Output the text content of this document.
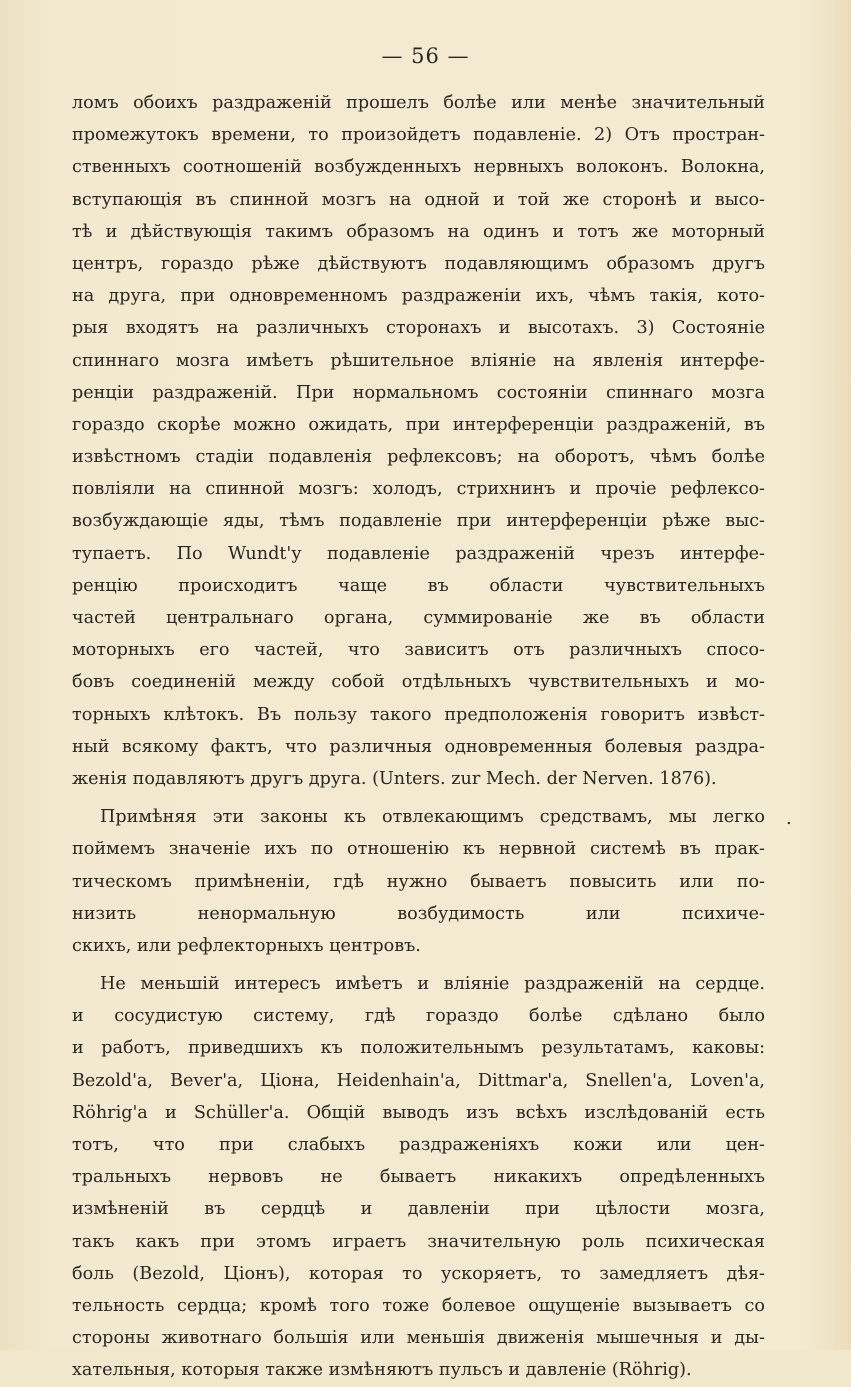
— 56 —
.
ломъ обоихъ раздраженій прошелъ болѣе или менѣе значительный
промежутокъ времени, то произойдетъ подавленіе. 2) Отъ простран-
ственныхъ соотношеній возбужденныхъ нервныхъ волоконъ. Волокна,
вступающія въ спинной мозгъ на одной и той же сторонѣ и высо-
тѣ и дѣйствующія такимъ образомъ на одинъ и тотъ же моторный
центръ, гораздо рѣже дѣйствуютъ подавляющимъ образомъ другъ
на друга, при одновременномъ раздраженіи ихъ, чѣмъ такія, кото-
рыя входятъ на различныхъ сторонахъ и высотахъ. 3) Состояніе
спиннаго мозга имѣетъ рѣшительное вліяніе на явленія интерфе-
ренціи раздраженій. При нормальномъ состояніи спиннаго мозга
гораздо скорѣе можно ожидать, при интерференціи раздраженій, въ
извѣстномъ стадіи подавленія рефлексовъ; на оборотъ, чѣмъ болѣе
повліяли на спинной мозгъ: холодъ, стрихнинъ и прочіе рефлексо-
возбуждающіе яды, тѣмъ подавленіе при интерференціи рѣже выс-
тупаетъ. По Wundt'у подавленіе раздраженій чрезъ интерфе-
ренцію происходитъ чаще въ области чувствительныхъ
частей центральнаго органа, суммированіе же въ области
моторныхъ его частей, что зависитъ отъ различныхъ спосо-
бовъ соединеній между собой отдѣльныхъ чувствительныхъ и мо-
торныхъ клѣтокъ. Въ пользу такого предположенія говоритъ извѣст-
ный всякому фактъ, что различныя одновременныя болевыя раздра-
женія подавляютъ другъ друга. (Unters. zur Mech. der Nerven. 1876).
Примѣняя эти законы къ отвлекающимъ средствамъ, мы легко
поймемъ значеніе ихъ по отношенію къ нервной системѣ въ прак-
тическомъ примѣненіи, гдѣ нужно бываетъ повысить или по-
низить ненормальную возбудимость или психиче-
скихъ, или рефлекторныхъ центровъ.
Не меньшій интересъ имѣетъ и вліяніе раздраженій на сердце.
и сосудистую систему, гдѣ гораздо болѣе сдѣлано было
и работъ, приведшихъ къ положительнымъ результатамъ, каковы:
Bezold'a, Bever'a, Ціона, Heidenhain'a, Dittmar'a, Snellen'a, Loven'a,
Röhrig'a и Schüller'a. Общій выводъ изъ всѣхъ изслѣдованій есть
тотъ, что при слабыхъ раздраженіяхъ кожи или цен-
тральныхъ нервовъ не бываетъ никакихъ опредѣленныхъ
измѣненій въ сердцѣ и давленіи при цѣлости мозга,
такъ какъ при этомъ играетъ значительную роль психическая
боль (Bezold, Ціонъ), которая то ускоряетъ, то замедляетъ дѣя-
тельность сердца; кромѣ того тоже болевое ощущеніе вызываетъ со
стороны животнаго большія или меньшія движенія мышечныя и ды-
хательныя, которыя также измѣняютъ пульсъ и давленіе (Röhrig).
